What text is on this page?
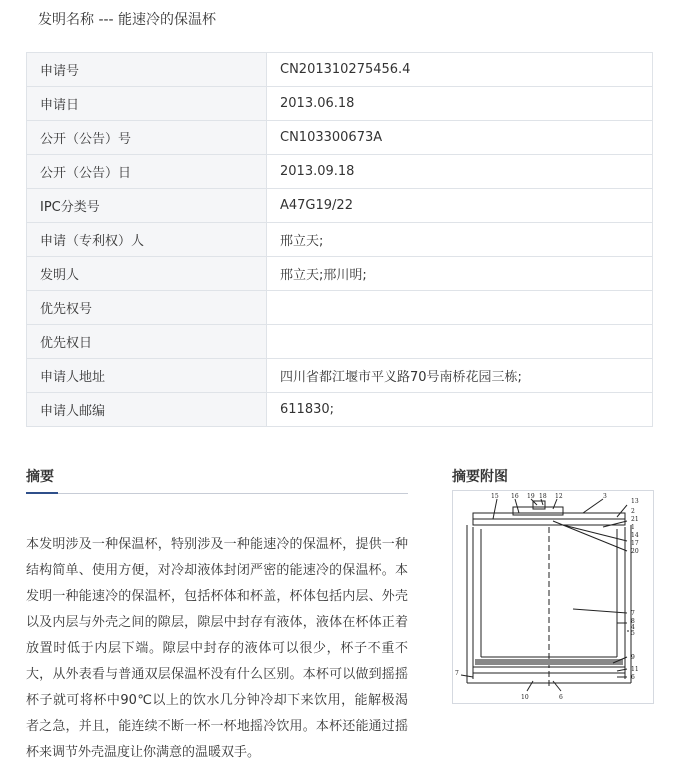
发明名称 --- 能速冷的保温杯
申请号	CN201310275456.4
申请日	2013.06.18
公开（公告）号	CN103300673A
公开（公告）日	2013.09.18
IPC分类号	A47G19/22
申请（专利权）人	邢立天;
发明人	邢立天;邢川明;
优先权号	
优先权日	
申请人地址	四川省都江堰市平义路70号南桥花园三栋;
申请人邮编	611830;
摘要
本发明涉及一种保温杯，特别涉及一种能速冷的保温杯，提供一种结构简单、使用方便，对冷却液体封闭严密的能速冷的保温杯。本发明一种能速冷的保温杯，包括杯体和杯盖，杯体包括内层、外壳以及内层与外壳之间的隙层，隙层中封存有液体，液体在杯体正着放置时低于内层下端。隙层中封存的液体可以很少，杯子不重不大，从外表看与普通双层保温杯没有什么区别。本杯可以做到摇摇杯子就可将杯中90℃以上的饮水几分钟冷却下来饮用，能解极渴者之急，并且，能连续不断一杯一杯地摇冷饮用。本杯还能通过摇杯来调节外壳温度让你满意的温暖双手。
摘要附图
15 16 19 18 12	3
13
2
21
1
14
17
20
7
8
4
5
9
11
6
7
10	6
